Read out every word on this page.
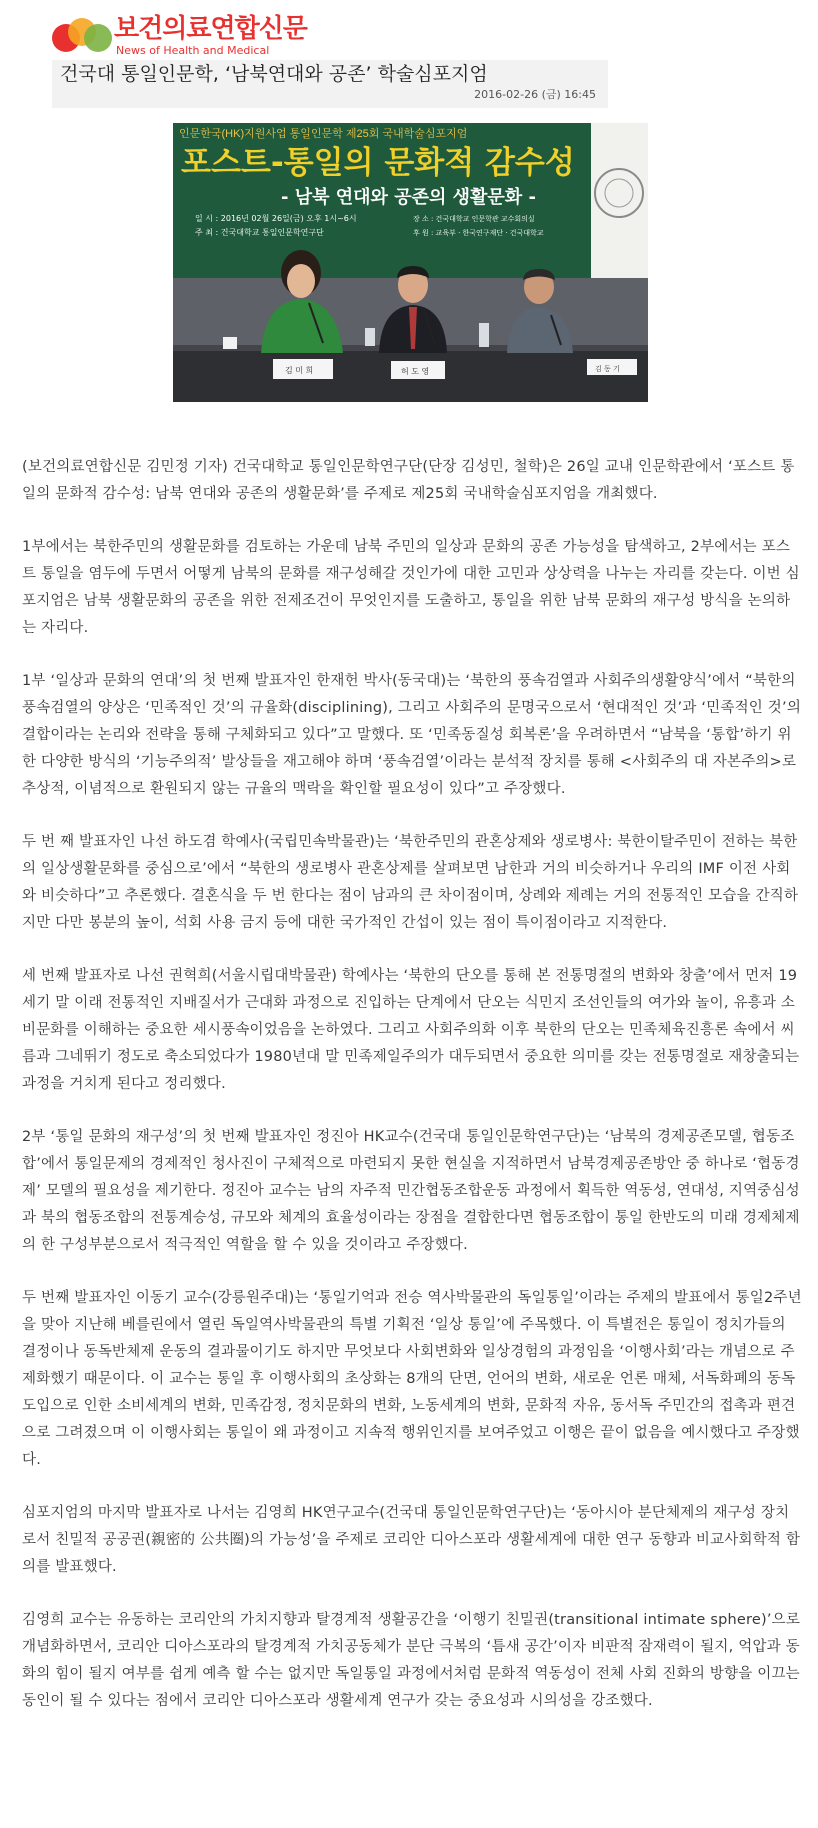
보건의료연합신문
News of Health and Medical
건국대 통일인문학, ‘남북연대와 공존’ 학술심포지엄
2016-02-26 (금) 16:45
인문한국(HK)지원사업 통일인문학 제25회 국내학술심포지엄
포스트-통일의 문화적 감수성
- 남북 연대와 공존의 생활문화 -
일 시 : 2016년 02월 26일(금) 오후 1시~6시
주 최 : 건국대학교 통일인문학연구단
장 소 : 건국대학교 인문학관 교수회의실
후 원 : 교육부 · 한국연구재단 · 건국대학교
김 미 희	허 도 영	김 동 기

(보건의료연합신문 김민정 기자) 건국대학교 통일인문학연구단(단장 김성민, 철학)은 26일 교내 인문학관에서 ‘포스트 통일의 문화적 감수성: 남북 연대와 공존의 생활문화’를 주제로 제25회 국내학술심포지엄을 개최했다.

1부에서는 북한주민의 생활문화를 검토하는 가운데 남북 주민의 일상과 문화의 공존 가능성을 탐색하고, 2부에서는 포스트 통일을 염두에 두면서 어떻게 남북의 문화를 재구성해갈 것인가에 대한 고민과 상상력을 나누는 자리를 갖는다. 이번 심포지엄은 남북 생활문화의 공존을 위한 전제조건이 무엇인지를 도출하고, 통일을 위한 남북 문화의 재구성 방식을 논의하는 자리다.

1부 ‘일상과 문화의 연대’의 첫 번째 발표자인 한재헌 박사(동국대)는 ‘북한의 풍속검열과 사회주의생활양식’에서 “북한의 풍속검열의 양상은 ‘민족적인 것’의 규율화(disciplining), 그리고 사회주의 문명국으로서 ‘현대적인 것’과 ‘민족적인 것’의 결합이라는 논리와 전략을 통해 구체화되고 있다”고 말했다. 또 ‘민족동질성 회복론’을 우려하면서 “남북을 ‘통합’하기 위한 다양한 방식의 ‘기능주의적’ 발상들을 재고해야 하며 ‘풍속검열’이라는 분석적 장치를 통해 <사회주의 대 자본주의>로 추상적, 이념적으로 환원되지 않는 규율의 맥락을 확인할 필요성이 있다”고 주장했다.

두 번 째 발표자인 나선 하도겸 학예사(국립민속박물관)는 ‘북한주민의 관혼상제와 생로병사: 북한이탈주민이 전하는 북한의 일상생활문화를 중심으로’에서 “북한의 생로병사 관혼상제를 살펴보면 남한과 거의 비슷하거나 우리의 IMF 이전 사회와 비슷하다”고 추론했다. 결혼식을 두 번 한다는 점이 남과의 큰 차이점이며, 상례와 제례는 거의 전통적인 모습을 간직하지만 다만 봉분의 높이, 석회 사용 금지 등에 대한 국가적인 간섭이 있는 점이 특이점이라고 지적한다.

세 번째 발표자로 나선 권혁희(서울시립대박물관) 학예사는 ‘북한의 단오를 통해 본 전통명절의 변화와 창출’에서 먼저 19세기 말 이래 전통적인 지배질서가 근대화 과정으로 진입하는 단계에서 단오는 식민지 조선인들의 여가와 놀이, 유흥과 소비문화를 이해하는 중요한 세시풍속이었음을 논하였다. 그리고 사회주의화 이후 북한의 단오는 민족체육진흥론 속에서 씨름과 그네뛰기 정도로 축소되었다가 1980년대 말 민족제일주의가 대두되면서 중요한 의미를 갖는 전통명절로 재창출되는 과정을 거치게 된다고 정리했다.

2부 ‘통일 문화의 재구성’의 첫 번째 발표자인 정진아 HK교수(건국대 통일인문학연구단)는 ‘남북의 경제공존모델, 협동조합’에서 통일문제의 경제적인 청사진이 구체적으로 마련되지 못한 현실을 지적하면서 남북경제공존방안 중 하나로 ‘협동경제’ 모델의 필요성을 제기한다. 정진아 교수는 남의 자주적 민간협동조합운동 과정에서 획득한 역동성, 연대성, 지역중심성과 북의 협동조합의 전통계승성, 규모와 체계의 효율성이라는 장점을 결합한다면 협동조합이 통일 한반도의 미래 경제체제의 한 구성부분으로서 적극적인 역할을 할 수 있을 것이라고 주장했다.

두 번째 발표자인 이동기 교수(강릉원주대)는 ‘통일기억과 전승 역사박물관의 독일통일’이라는 주제의 발표에서 통일2주년을 맞아 지난해 베를린에서 열린 독일역사박물관의 특별 기획전 ‘일상 통일’에 주목했다. 이 특별전은 통일이 정치가들의 결정이나 동독반체제 운동의 결과물이기도 하지만 무엇보다 사회변화와 일상경험의 과정임을 ‘이행사회’라는 개념으로 주제화했기 때문이다. 이 교수는 통일 후 이행사회의 초상화는 8개의 단면, 언어의 변화, 새로운 언론 매체, 서독화폐의 동독 도입으로 인한 소비세계의 변화, 민족감정, 정치문화의 변화, 노동세계의 변화, 문화적 자유, 동서독 주민간의 접촉과 편견으로 그려졌으며 이 이행사회는 통일이 왜 과정이고 지속적 행위인지를 보여주었고 이행은 끝이 없음을 예시했다고 주장했다.

심포지엄의 마지막 발표자로 나서는 김영희 HK연구교수(건국대 통일인문학연구단)는 ‘동아시아 분단체제의 재구성 장치로서 친밀적 공공권(親密的 公共圈)의 가능성’을 주제로 코리안 디아스포라 생활세계에 대한 연구 동향과 비교사회학적 함의를 발표했다.

김영희 교수는 유동하는 코리안의 가치지향과 탈경계적 생활공간을 ‘이행기 친밀권(transitional intimate sphere)’으로 개념화하면서, 코리안 디아스포라의 탈경계적 가치공동체가 분단 극복의 ‘틈새 공간’이자 비판적 잠재력이 될지, 억압과 동화의 힘이 될지 여부를 쉽게 예측 할 수는 없지만 독일통일 과정에서처럼 문화적 역동성이 전체 사회 진화의 방향을 이끄는 동인이 될 수 있다는 점에서 코리안 디아스포라 생활세계 연구가 갖는 중요성과 시의성을 강조했다.
